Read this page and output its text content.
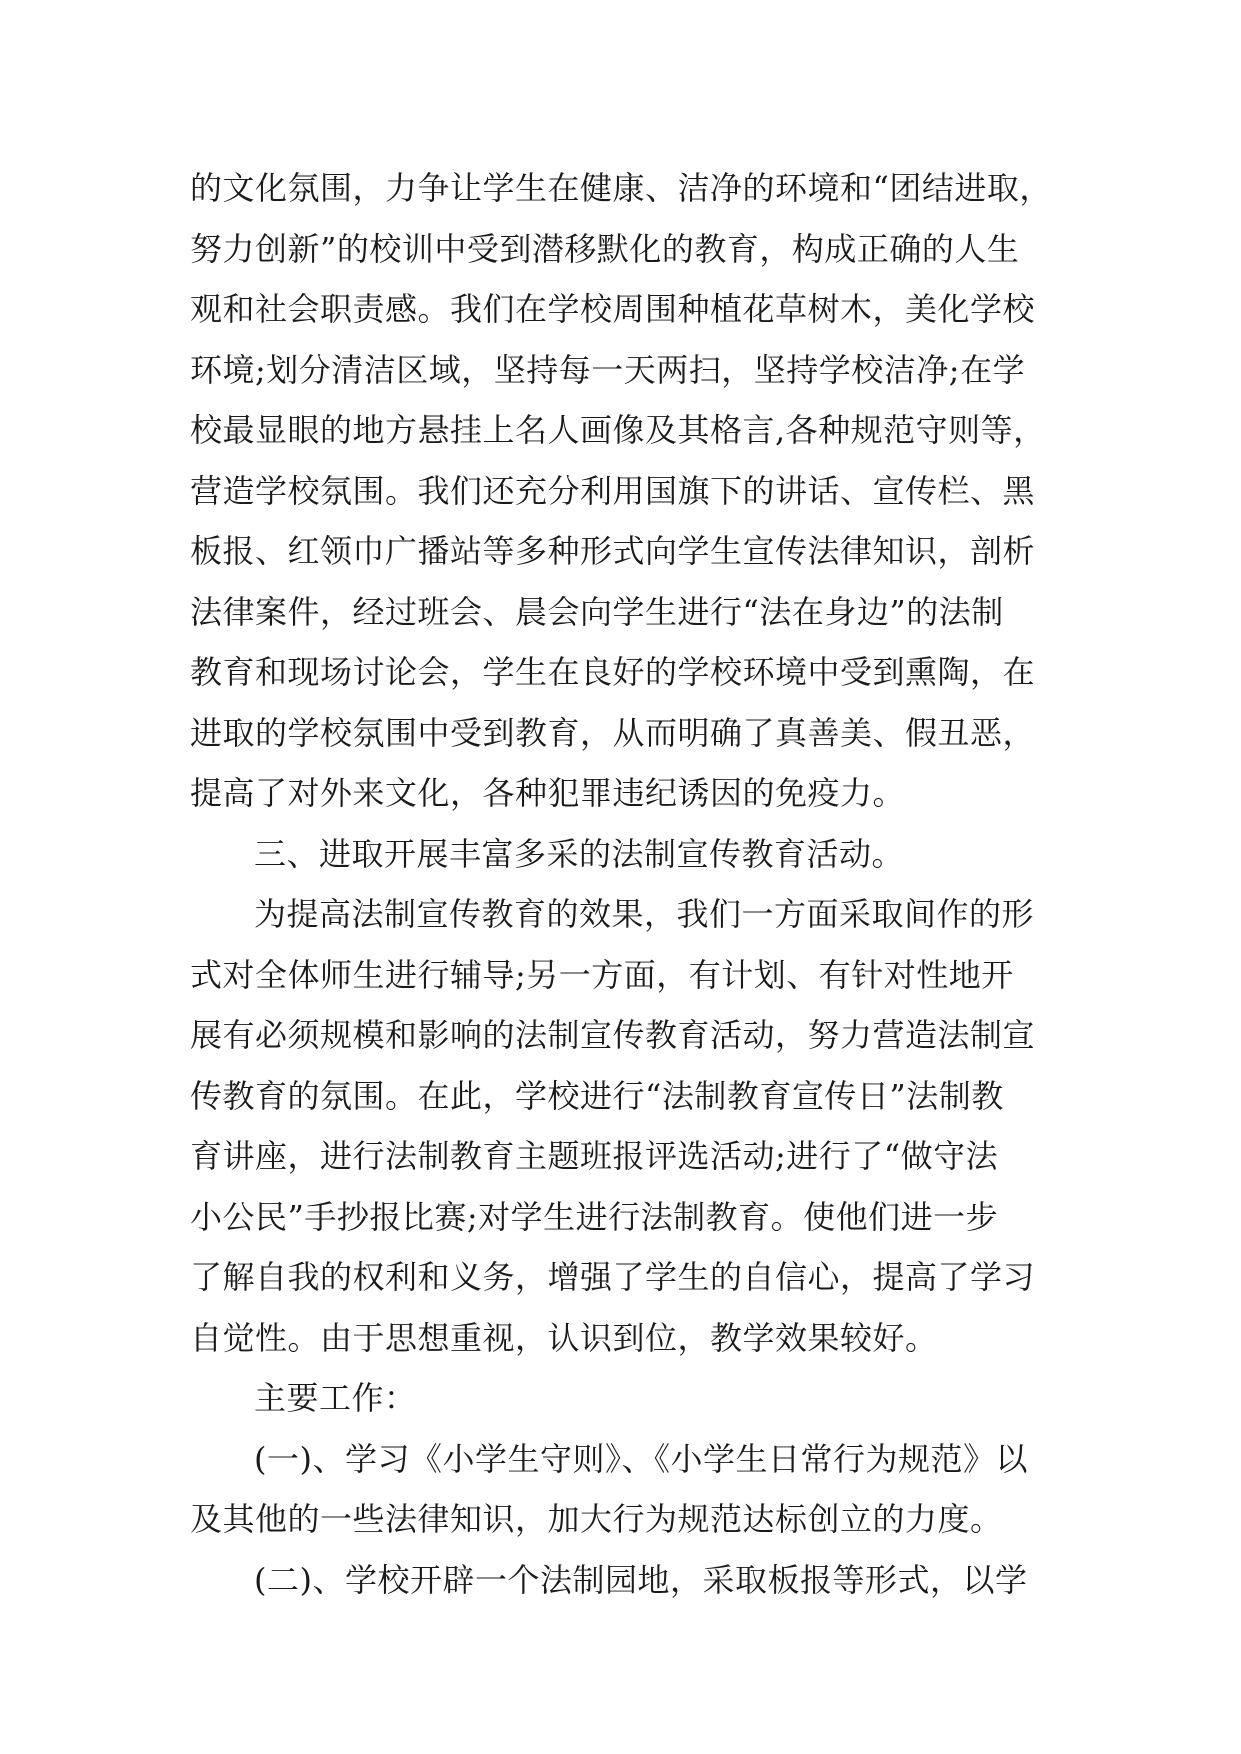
的文化氛围，力争让学生在健康、洁净的环境和“团结进取，
努力创新”的校训中受到潜移默化的教育，构成正确的人生
观和社会职责感。我们在学校周围种植花草树木，美化学校
环境;划分清洁区域，坚持每一天两扫，坚持学校洁净;在学
校最显眼的地方悬挂上名人画像及其格言,各种规范守则等，
营造学校氛围。我们还充分利用国旗下的讲话、宣传栏、黑
板报、红领巾广播站等多种形式向学生宣传法律知识，剖析
法律案件，经过班会、晨会向学生进行“法在身边”的法制
教育和现场讨论会，学生在良好的学校环境中受到熏陶，在
进取的学校氛围中受到教育，从而明确了真善美、假丑恶，
提高了对外来文化，各种犯罪违纪诱因的免疫力。
三、进取开展丰富多采的法制宣传教育活动。
为提高法制宣传教育的效果，我们一方面采取间作的形
式对全体师生进行辅导;另一方面，有计划、有针对性地开
展有必须规模和影响的法制宣传教育活动，努力营造法制宣
传教育的氛围。在此，学校进行“法制教育宣传日”法制教
育讲座，进行法制教育主题班报评选活动;进行了“做守法
小公民”手抄报比赛;对学生进行法制教育。使他们进一步
了解自我的权利和义务，增强了学生的自信心，提高了学习
自觉性。由于思想重视，认识到位，教学效果较好。
主要工作：
(一)、学习《小学生守则》、《小学生日常行为规范》以
及其他的一些法律知识，加大行为规范达标创立的力度。
(二)、学校开辟一个法制园地，采取板报等形式，以学
